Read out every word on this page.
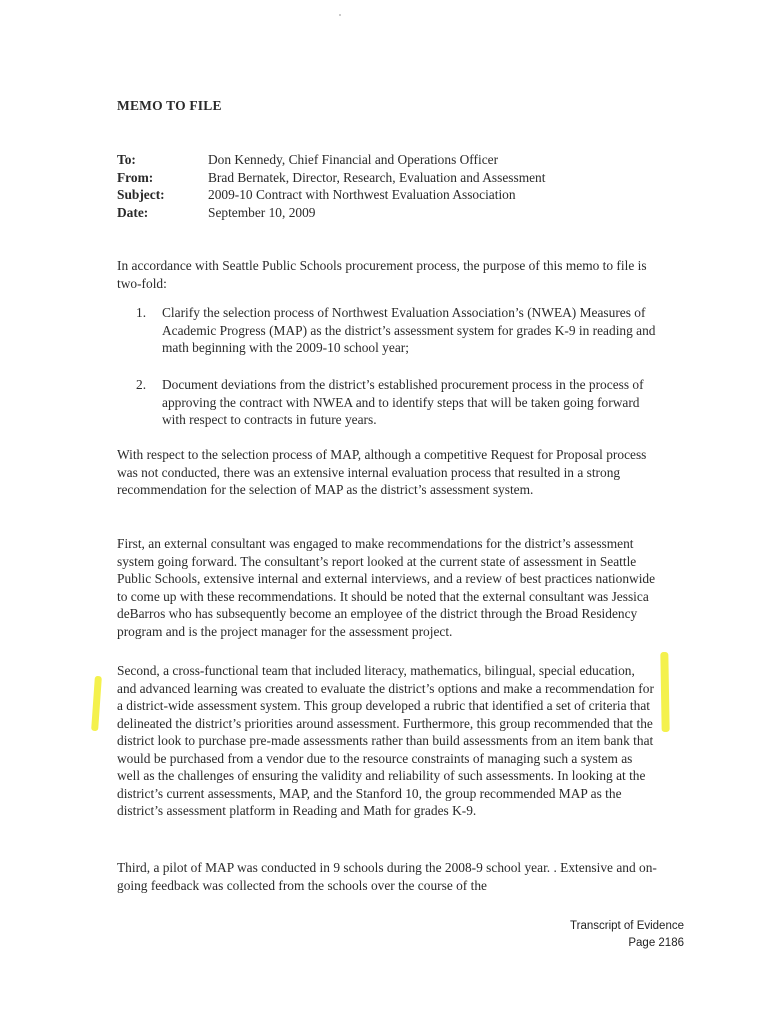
MEMO TO FILE
To:	Don Kennedy, Chief Financial and Operations Officer
From:	Brad Bernatek, Director, Research, Evaluation and Assessment
Subject:	2009-10 Contract with Northwest Evaluation Association
Date:	September 10, 2009

In accordance with Seattle Public Schools procurement process, the purpose of this memo to file is two-fold:

1.	Clarify the selection process of Northwest Evaluation Association’s (NWEA) Measures of Academic Progress (MAP) as the district’s assessment system for grades K-9 in reading and math beginning with the 2009-10 school year;
2.	Document deviations from the district’s established procurement process in the process of approving the contract with NWEA and to identify steps that will be taken going forward with respect to contracts in future years.

With respect to the selection process of MAP, although a competitive Request for Proposal process was not conducted, there was an extensive internal evaluation process that resulted in a strong recommendation for the selection of MAP as the district’s assessment system.

First, an external consultant was engaged to make recommendations for the district’s assessment system going forward. The consultant’s report looked at the current state of assessment in Seattle Public Schools, extensive internal and external interviews, and a review of best practices nationwide to come up with these recommendations. It should be noted that the external consultant was Jessica deBarros who has subsequently become an employee of the district through the Broad Residency program and is the project manager for the assessment project.

Second, a cross-functional team that included literacy, mathematics, bilingual, special education, and advanced learning was created to evaluate the district’s options and make a recommendation for a district-wide assessment system. This group developed a rubric that identified a set of criteria that delineated the district’s priorities around assessment. Furthermore, this group recommended that the district look to purchase pre-made assessments rather than build assessments from an item bank that would be purchased from a vendor due to the resource constraints of managing such a system as well as the challenges of ensuring the validity and reliability of such assessments. In looking at the district’s current assessments, MAP, and the Stanford 10, the group recommended MAP as the district’s assessment platform in Reading and Math for grades K-9.

Third, a pilot of MAP was conducted in 9 schools during the 2008-9 school year. . Extensive and on-going feedback was collected from the schools over the course of the

Transcript of Evidence
Page 2186
